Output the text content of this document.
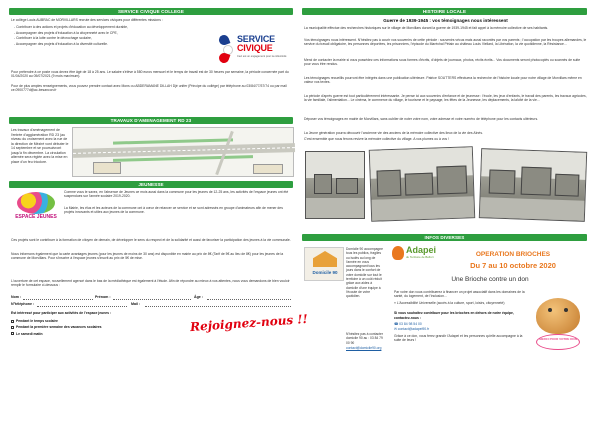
SERVICE CIVIQUE COLLEGE
Le collège Louis AUBRAC de MORVILLARS recrute des services civiques pour différentes missions :
- Contribuer à des actions et projets d'éducation au développement durable,
- Accompagner des projets d'éducation à la citoyenneté avec le CPE,
- Contribuer à la lutte contre le décrochage scolaire,
- Accompagner des projets d'éducation à la diversité culturelle.
SERVICE
CIVIQUE
Ceci est un engagement pour la collectivité
Pour prétendre à ce poste vous devez être âgé de 18 à 25 ans. Le salaire s'élève à 580 euros mensuel et le temps de travail est de 30 heures par semaine, la période concernée part du 01/04/2020 au 05/07/2021 (9 mois maximum).
Pour de plus amples renseignements, vous pouvez prendre contact avec Mons ou ABDERAMANE DILLAH Djé unifer (Principe du collège) par téléphone au 03/84/77/37/74 ou par mail ce.0900777d@ac-besancon.fr
TRAVAUX D'AMENAGEMENT RD 23
Les travaux d'aménagement de l'entrée d'agglomération RD 23 (au niveau du croisement avec la rue de la direction de Méziré vont débuter le 14 septembre et se poursuivront jusqu'à fin décembre. La circulation alternée sera réglée avec la mise en place d'un feu tricolore.
JEUNESSE
ESPACE JEUNES
Comme vous le savez, en l'absence de Jeunes ce mois aussi dans la commune pour les jeunes de 12-25 ans, les activités de l'espace jeunes ont été suspendues sur l'année scolaire 2019-2020.
La Mairie, les élus et les acteurs de la commune ont à cœur de relancer ce service et se sont adressés en groupe d'animateurs afin de mener des projets innovants et utiles aux jeunes de la commune.
Ces projets sont le contribuer à la formation de citoyen de demain, de développer le sens du respect et de la solidarité et aussi de favoriser la participation des jeunes à la vie communale.
Nous informons également que la carte avantages jeunes (pour les jeunes de moins de 30 ans) est disponible en mairie au prix de 8€ (Tarif de 5€ au lieu de 8€) pour les jeunes de la commune de Morvillars. Pour s'inscrire à l'espace jeunes s'inscrit au prix de 5€ de mise.
L'ouverture de cet espace, nouvellement agencé dans le bas de la médiathèque est également à l'étude. Afin de répondre au mieux à vos attentes, nous vous demandons de bien vouloir remplir le formulaire ci-dessous :
Nom :	Prénom :	Âge :
N°téléphone :	Mail :
Est intéressé pour participer aux activités de l'espace jeunes :
Pendant le temps scolaire
Pendant la première semaine des vacances scolaires
Le samedi matin	Rejoignez-nous !!
HISTOIRE LOCALE
Guerre de 1939-1945 : vos témoignages nous intéressent
La municipalité effectue des recherches historiques sur le village de Morvillars durant la guerre de 1939-1945 et fait appel à la mémoire collective de ses habitants.
Vos témoignages nous intéressent. N'hésitez pas à courir vos souvenirs de cette période : souvenirs vécus mais aussi racontés par vos parents ; l'occupation par les troupes allemandes, le service du travail obligatoire, les personnes déportées, les prisonniers, l'épisode du Maréchal Pétain au château Louis Viellard, la Libération, la vie quotidienne, la Résistance...
Merci de contacter la mairie si vous possédez ces informations sous formes d'écrits, d'objets de journaux, photos, récits écrits... Vos documents seront photocopiés ou scannés de suite pour vous être rendus.
Les témoignages recueillis pourront être intégrés dans une publication ultérieure. Patrice SOUTTERS effectuera la recherche de l'histoire locale pour notre village de Morvillars même en valeur vos textes.
La période d'après guerre est tout particulièrement intéressante. Je pense ici aux souvenirs d'enfance et de jeunesse : l'école, les jeux d'enfants, le travail des parents, les travaux agricoles, la vie familiale, l'alimentation... Le cinéma, le commerce du village, le tourisme et le paysage, les fêtes de la Jeunesse, les déplacements, la laïcité de la vie...
Déposer vos témoignages en mairie de Morvillars, sans oublier de noter votre nom, votre adresse et votre numéro de téléphone pour les contacts ultérieurs.
La Jeune génération pourra découvrir l'ancienne vie des anciens de la mémoire collective des lieux de la vie des Aînés.
C'est ensemble que nous ferons revivre la mémoire collective du village. A vos plumes ou à vos !
INFOS DIVERSES
Domicile 90
Domicile 90 accompagne tous les publics, fragiles ou isolés au long de l'année en vous accompagnant tous les jours dans le confort de votre domicile sur tout le territoire à un coût réduit grâce aux aides à domicile d'une équipe à l'écoute de votre quotidien.
N'hésitez pas à contacter domicile 90 au : 03 84 79 00 90
contact@domicile90.org
Adapei
du Territoire de Belfort	OPERATION BRIOCHES
Du 7 au 10 octobre 2020
Une Brioche contre un don
Par votre don vous contribuerez à financer un projet associatif dans les domaines de la santé, du logement, de l'inclusion...
« L'Accessibilité Universelle (accès à la culture, sport, loisirs, citoyenneté)
Si vous souhaitez contribuer pour les brioches en dehors de notre équipe, contactez-nous :
☎ 03 84 98 54 00
✉ contact@adapei90.fr
Grâce à ce don, vous ferez grandir l'Adapei et les personnes qu'elle accompagne à la suite de leurs !	MERCI POUR VOTRE DON
